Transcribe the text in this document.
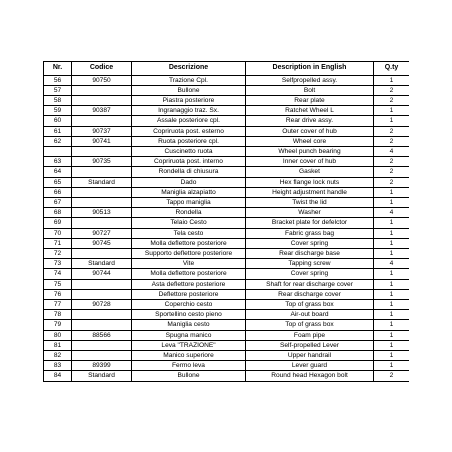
Nr.	Codice	Descrizione	Description in English	Q.ty
56	90750	Trazione Cpl.	Selfpropelled assy.	1
57		Bullone	Bolt	2
58		Piastra posteriore	Rear plate	2
59	90387	Ingranaggio traz. Sx.	Ratchet Wheel L	1
60		Assale posteriore cpl.	Rear drive assy.	1
61	90737	Copriruota post. esterno	Outer cover of hub	2
62	90741	Ruota posteriore cpl.	Wheel core	2
		Cuscinetto ruota	Wheel punch bearing	4
63	90735	Copriruota post. interno	Inner cover of hub	2
64		Rondella di chiusura	Gasket	2
65	Standard	Dado	Hex flange lock nuts	2
66		Maniglia alzapiatto	Height adjustment handle	1
67		Tappo maniglia	Twist the lid	1
68	90513	Rondella	Washer	4
69		Telaio Cesto	Bracket plate for defelctor	1
70	90727	Tela cesto	Fabric grass bag	1
71	90745	Molla deflettore posteriore	Cover spring	1
72		Supporto deflettore posteriore	Rear discharge base	1
73	Standard	Vite	Tapping screw	4
74	90744	Molla deflettore posteriore	Cover spring	1
75		Asta deflettore posteriore	Shaft for rear discharge cover	1
76		Deflettore posteriore	Rear discharge cover	1
77	90728	Coperchio cesto	Top of grass box	1
78		Sportellino cesto pieno	Air-out board	1
79		Maniglia cesto	Top of grass box	1
80	88566	Spugna manico	Foam pipe	1
81		Leva "TRAZIONE"	Self-propelled Lever	1
82		Manico superiore	Upper handrail	1
83	89399	Fermo leva	Lever guard	1
84	Standard	Bullone	Round head Hexagon bolt	2
